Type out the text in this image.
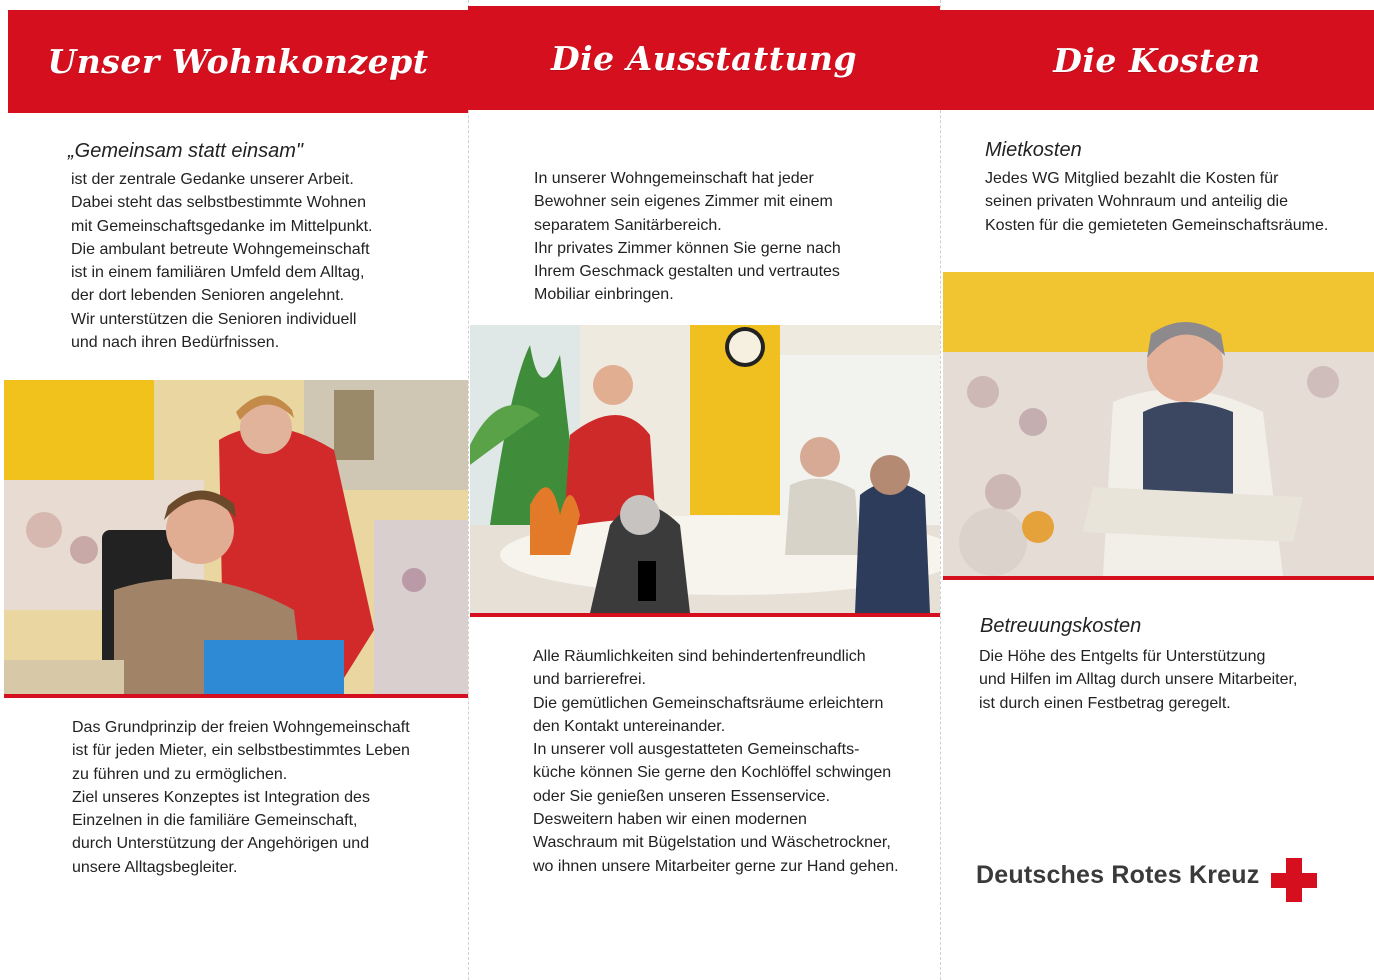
Unser Wohnkonzept

„Gemeinsam statt einsam"

ist der zentrale Gedanke unserer Arbeit.
Dabei steht das selbstbestimmte Wohnen
mit Gemeinschaftsgedanke im Mittelpunkt.
Die ambulant betreute Wohngemeinschaft
ist in einem familiären Umfeld dem Alltag,
der dort lebenden Senioren angelehnt.
Wir unterstützen die Senioren individuell
und nach ihren Bedürfnissen.

Das Grundprinzip der freien Wohngemeinschaft
ist für jeden Mieter, ein selbstbestimmtes Leben
zu führen und zu ermöglichen.
Ziel unseres Konzeptes ist Integration des
Einzelnen in die familiäre Gemeinschaft,
durch Unterstützung der Angehörigen und
unsere Alltagsbegleiter.

Die Ausstattung

In unserer Wohngemeinschaft hat jeder
Bewohner sein eigenes Zimmer mit einem
separatem Sanitärbereich.
Ihr privates Zimmer können Sie gerne nach
Ihrem Geschmack gestalten und vertrautes
Mobiliar einbringen.

Alle Räumlichkeiten sind behindertenfreundlich
und barrierefrei.
Die gemütlichen Gemeinschaftsräume erleichtern
den Kontakt untereinander.
In unserer voll ausgestatteten Gemeinschafts-
küche können Sie gerne den Kochlöffel schwingen
oder Sie genießen unseren Essenservice.
Desweitern haben wir einen modernen
Waschraum mit Bügelstation und Wäschetrockner,
wo ihnen unsere Mitarbeiter gerne zur Hand gehen.

Die Kosten

Mietkosten

Jedes WG Mitglied bezahlt die Kosten für
seinen privaten Wohnraum und anteilig die
Kosten für die gemieteten Gemeinschaftsräume.

Betreuungskosten

Die Höhe des Entgelts für Unterstützung
und Hilfen im Alltag durch unsere Mitarbeiter,
ist durch einen Festbetrag geregelt.

Deutsches Rotes Kreuz
